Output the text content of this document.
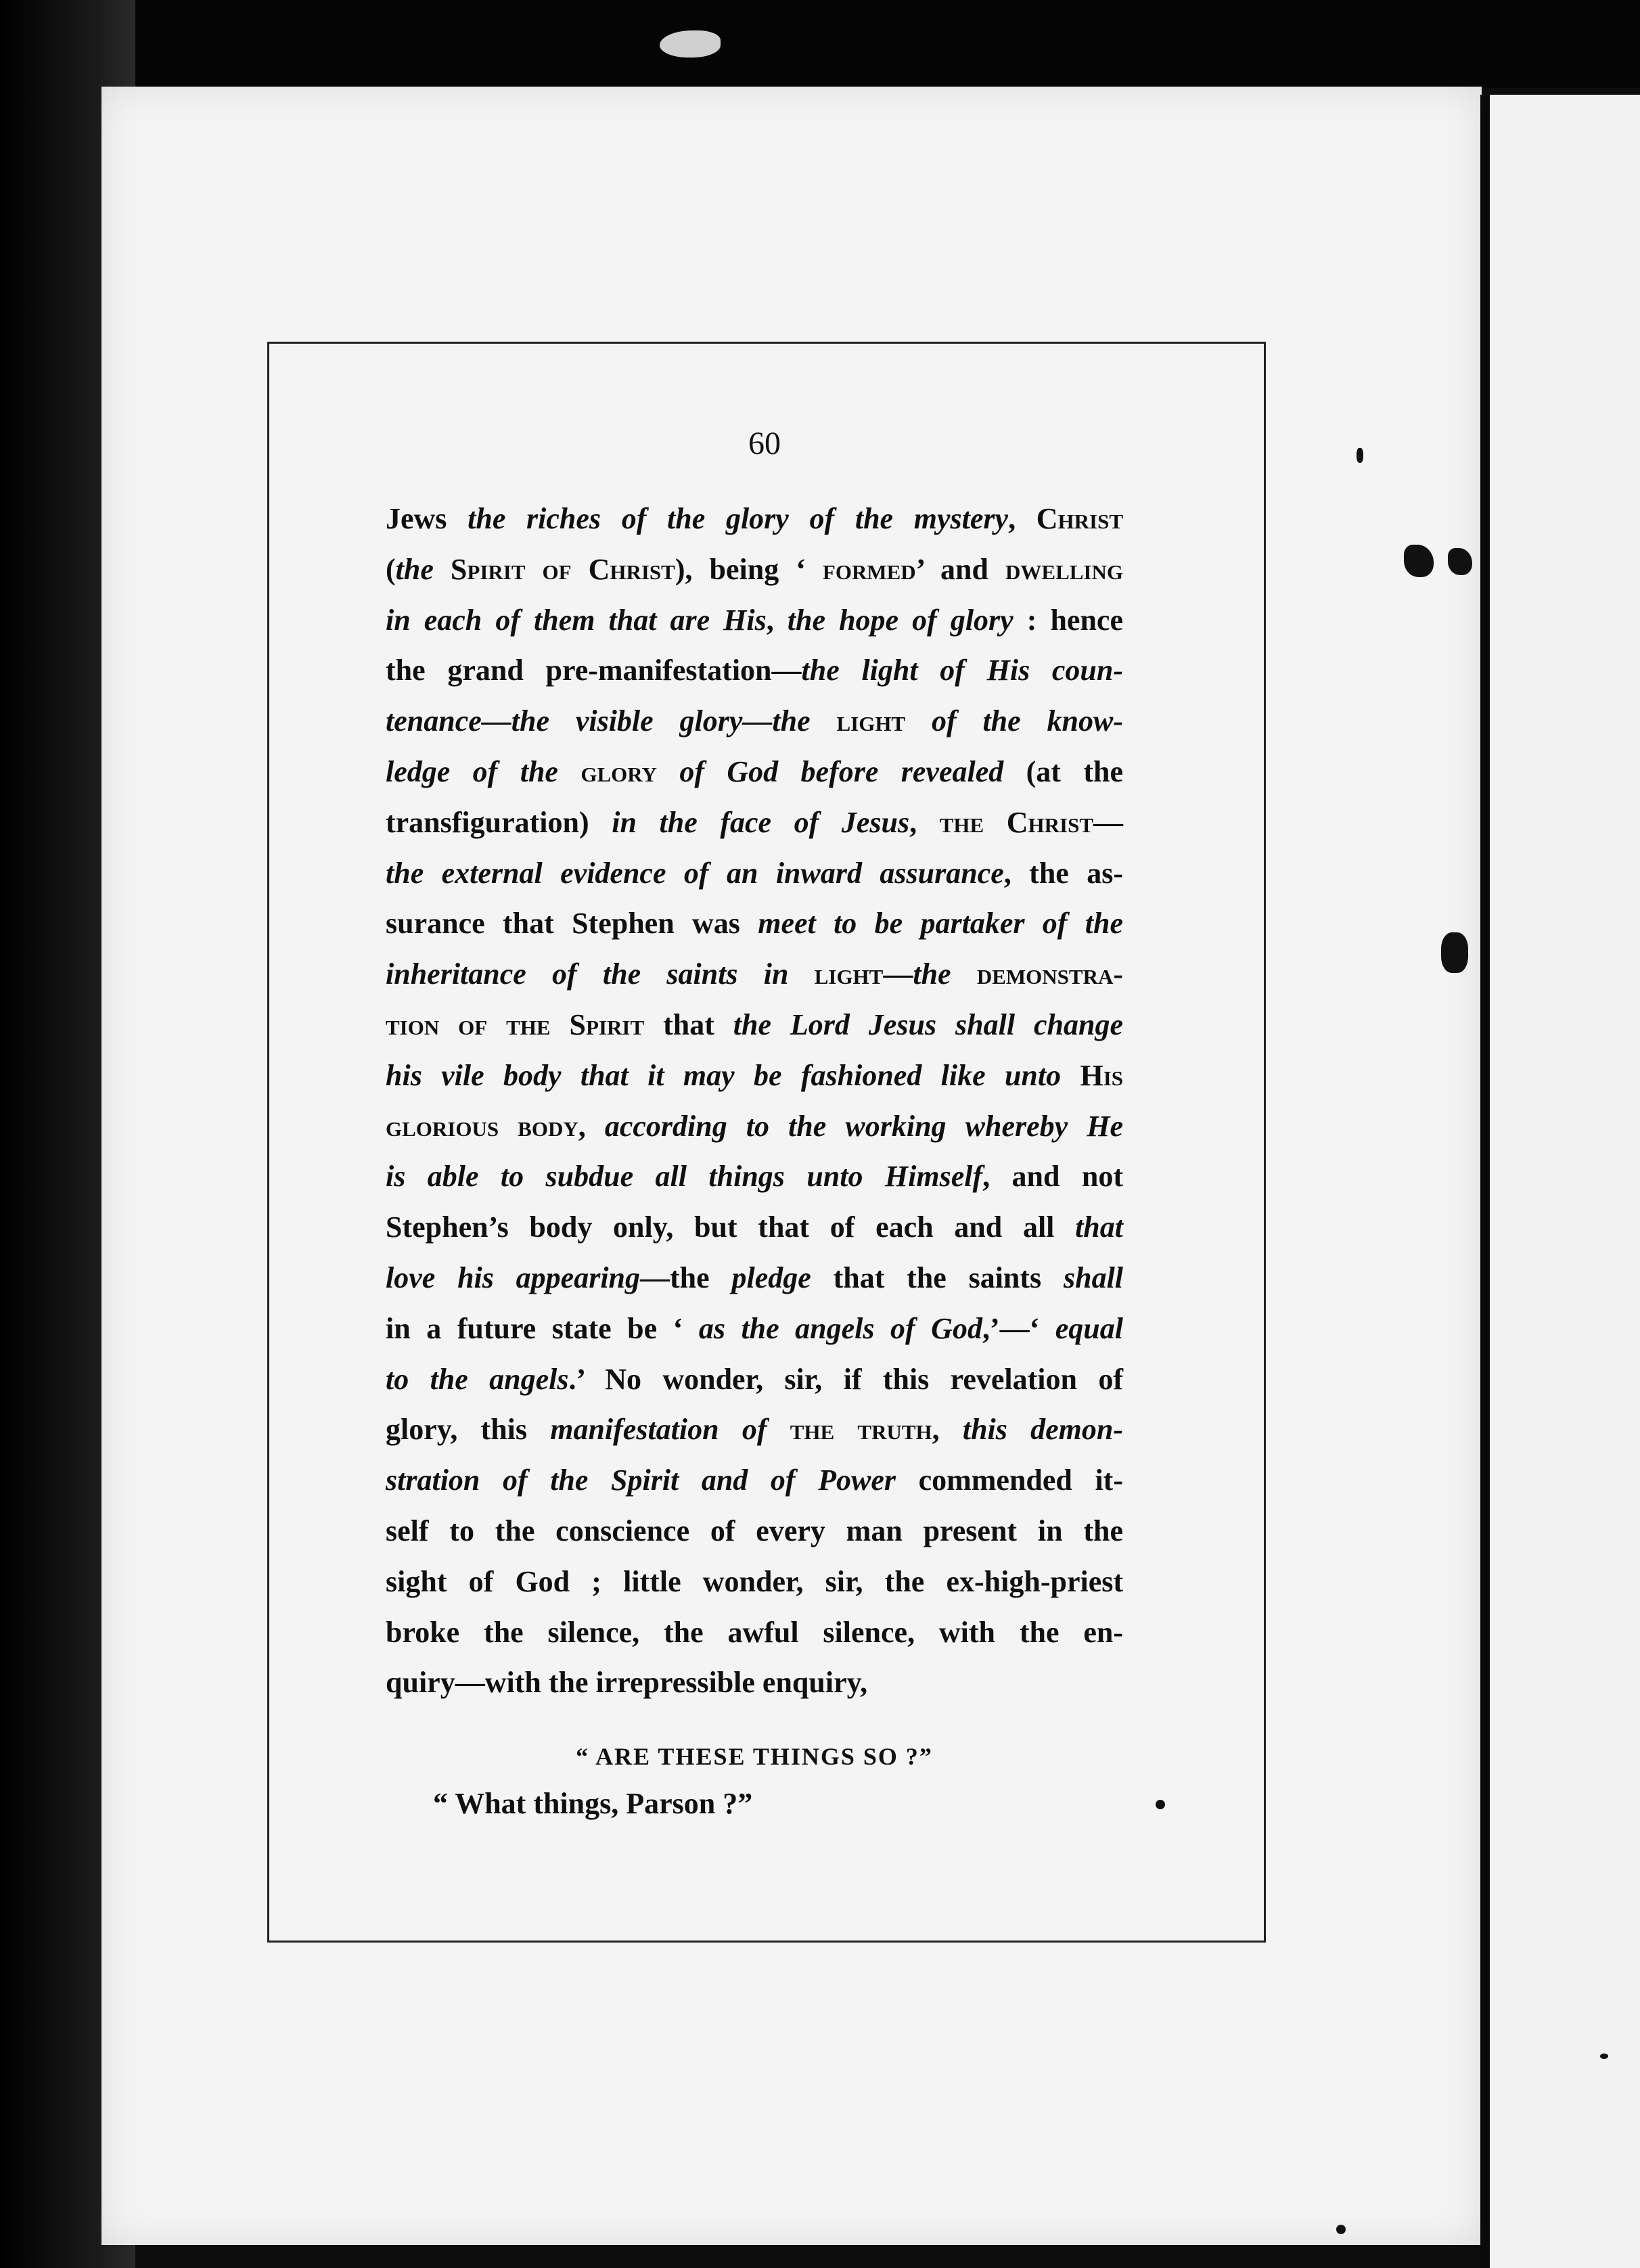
60
Jews the riches of the glory of the mystery, Christ
(the Spirit of Christ), being ‘ formed’ and dwelling
in each of them that are His, the hope of glory : hence
the grand pre-manifestation—the light of His coun-
tenance—the visible glory—the light of the know-
ledge of the glory of God before revealed (at the
transfiguration) in the face of Jesus, the Christ—
the external evidence of an inward assurance, the as-
surance that Stephen was meet to be partaker of the
inheritance of the saints in light—the demonstra-
tion of the Spirit that the Lord Jesus shall change
his vile body that it may be fashioned like unto His
glorious body, according to the working whereby He
is able to subdue all things unto Himself, and not
Stephen’s body only, but that of each and all that
love his appearing—the pledge that the saints shall
in a future state be ‘ as the angels of God,’—‘ equal
to the angels.’ No wonder, sir, if this revelation of
glory, this manifestation of the truth, this demon-
stration of the Spirit and of Power commended it-
self to the conscience of every man present in the
sight of God ; little wonder, sir, the ex-high-priest
broke the silence, the awful silence, with the en-
quiry—with the irrepressible enquiry,
“ ARE THESE THINGS SO ?”
“ What things, Parson ?”
